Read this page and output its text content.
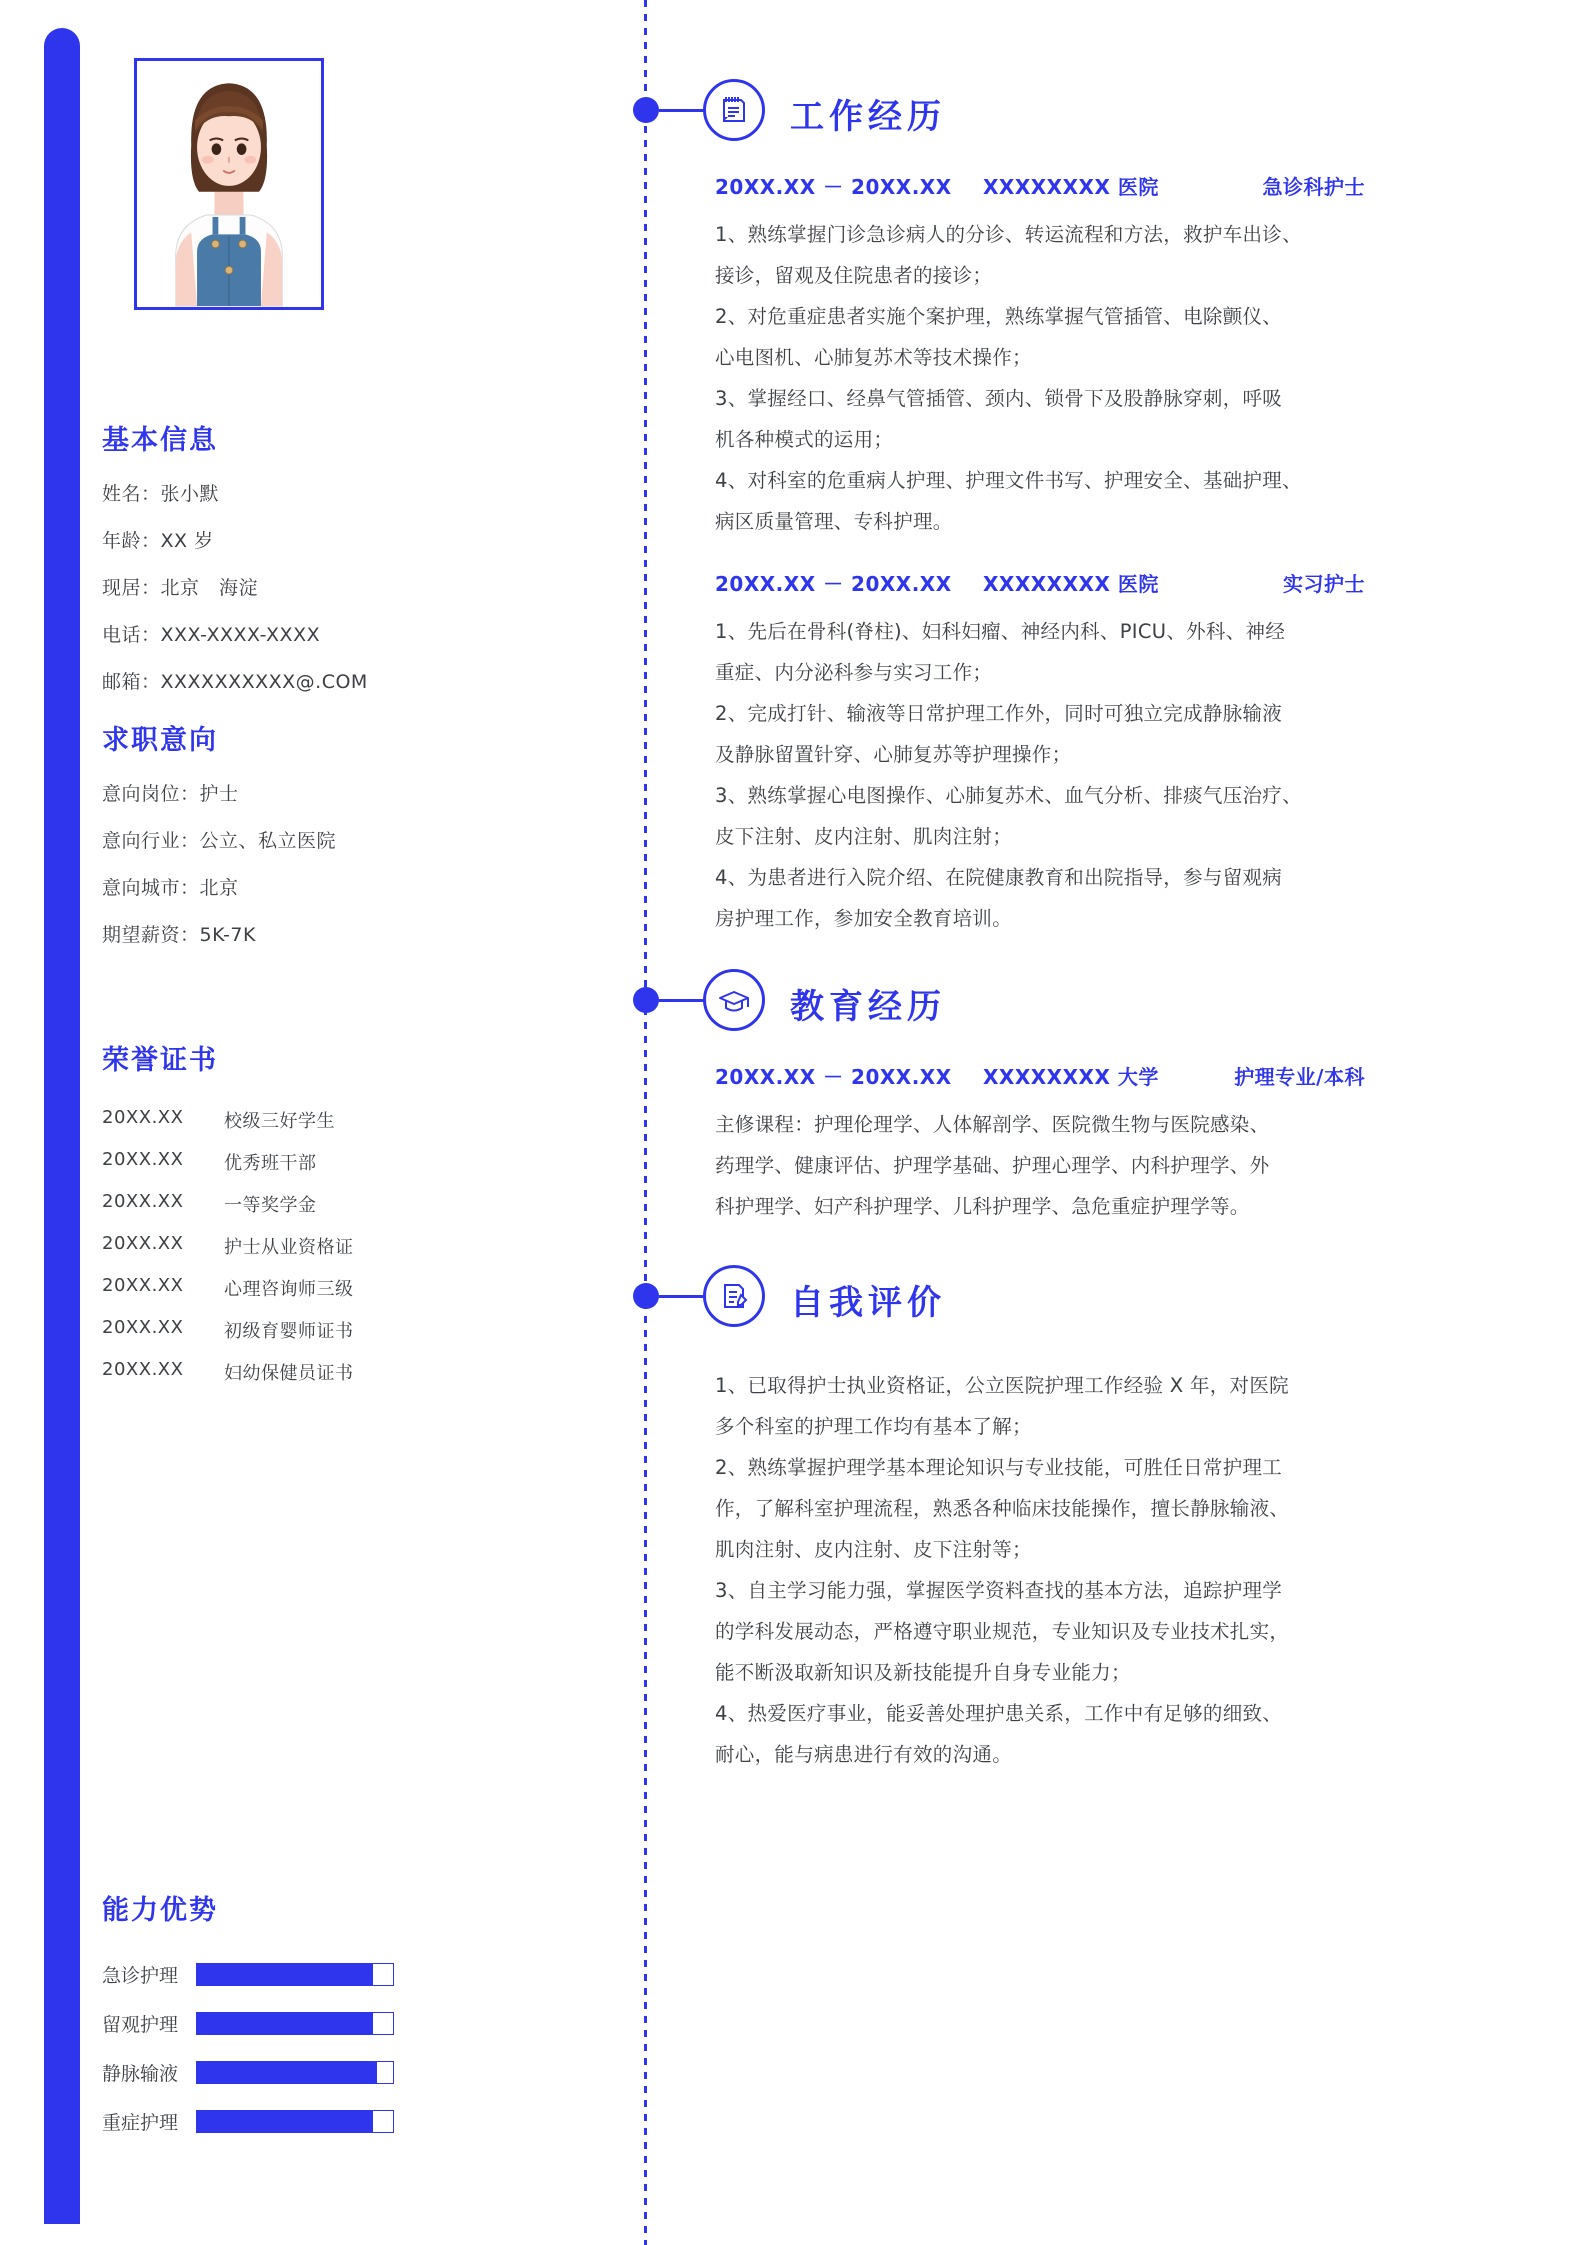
基本信息
姓名：张小默
年龄：XX 岁
现居：北京　海淀
电话：XXX-XXXX-XXXX
邮箱：XXXXXXXXXX@.COM
求职意向
意向岗位：护士
意向行业：公立、私立医院
意向城市：北京
期望薪资：5K-7K
荣誉证书
20XX.XX	校级三好学生
20XX.XX	优秀班干部
20XX.XX	一等奖学金
20XX.XX	护士从业资格证
20XX.XX	心理咨询师三级
20XX.XX	初级育婴师证书
20XX.XX	妇幼保健员证书
能力优势
急诊护理
留观护理
静脉输液
重症护理
工作经历
20XX.XX － 20XX.XX	XXXXXXXX 医院	急诊科护士

1、熟练掌握门诊急诊病人的分诊、转运流程和方法，救护车出诊、

接诊，留观及住院患者的接诊；

2、对危重症患者实施个案护理，熟练掌握气管插管、电除颤仪、

心电图机、心肺复苏术等技术操作；

3、掌握经口、经鼻气管插管、颈内、锁骨下及股静脉穿刺，呼吸

机各种模式的运用；

4、对科室的危重病人护理、护理文件书写、护理安全、基础护理、

病区质量管理、专科护理。

20XX.XX － 20XX.XX	XXXXXXXX 医院	实习护士

1、先后在骨科(脊柱)、妇科妇瘤、神经内科、PICU、外科、神经

重症、内分泌科参与实习工作；

2、完成打针、输液等日常护理工作外，同时可独立完成静脉输液

及静脉留置针穿、心肺复苏等护理操作；

3、熟练掌握心电图操作、心肺复苏术、血气分析、排痰气压治疗、

皮下注射、皮内注射、肌肉注射；

4、为患者进行入院介绍、在院健康教育和出院指导，参与留观病

房护理工作，参加安全教育培训。

教育经历
20XX.XX － 20XX.XX	XXXXXXXX 大学	护理专业/本科

主修课程：护理伦理学、人体解剖学、医院微生物与医院感染、

药理学、健康评估、护理学基础、护理心理学、内科护理学、外

科护理学、妇产科护理学、儿科护理学、急危重症护理学等。

自我评价

1、已取得护士执业资格证，公立医院护理工作经验 X 年，对医院

多个科室的护理工作均有基本了解；

2、熟练掌握护理学基本理论知识与专业技能，可胜任日常护理工

作，了解科室护理流程，熟悉各种临床技能操作，擅长静脉输液、

肌肉注射、皮内注射、皮下注射等；

3、自主学习能力强，掌握医学资料查找的基本方法，追踪护理学

的学科发展动态，严格遵守职业规范，专业知识及专业技术扎实，

能不断汲取新知识及新技能提升自身专业能力；

4、热爱医疗事业，能妥善处理护患关系，工作中有足够的细致、

耐心，能与病患进行有效的沟通。
